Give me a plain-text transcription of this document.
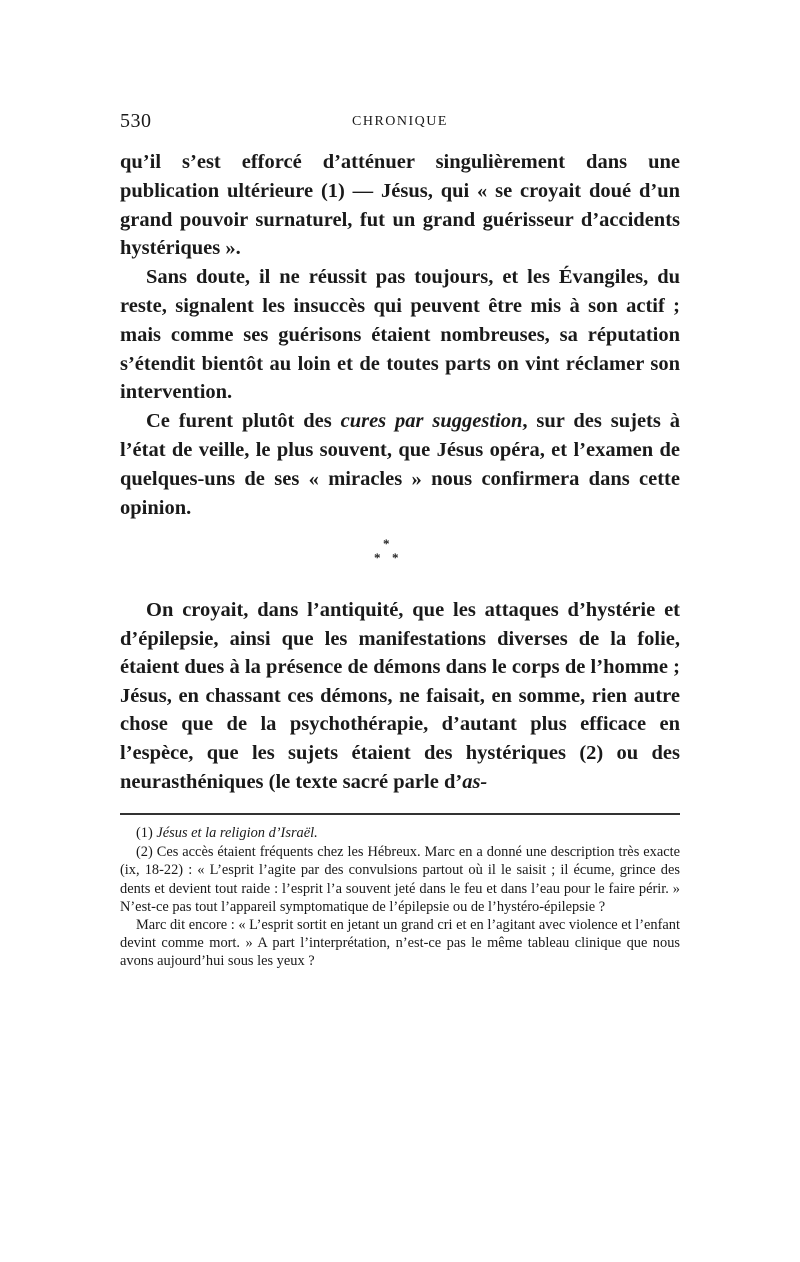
530	CHRONIQUE

qu’il s’est efforcé d’atténuer singulièrement dans une publication ultérieure (1) — Jésus, qui « se croyait doué d’un grand pouvoir surnaturel, fut un grand guérisseur d’accidents hystériques ».

Sans doute, il ne réussit pas toujours, et les Évangiles, du reste, signalent les insuccès qui peuvent être mis à son actif ; mais comme ses guérisons étaient nombreuses, sa réputation s’étendit bientôt au loin et de toutes parts on vint réclamer son intervention.

Ce furent plutôt des cures par suggestion, sur des sujets à l’état de veille, le plus souvent, que Jésus opéra, et l’examen de quelques-uns de ses « miracles » nous confirmera dans cette opinion.

*
* *

On croyait, dans l’antiquité, que les attaques d’hystérie et d’épilepsie, ainsi que les manifestations diverses de la folie, étaient dues à la présence de démons dans le corps de l’homme ; Jésus, en chassant ces démons, ne faisait, en somme, rien autre chose que de la psychothérapie, d’autant plus efficace en l’espèce, que les sujets étaient des hystériques (2) ou des neurasthéniques (le texte sacré parle d’as-

(1) Jésus et la religion d’Israël.

(2) Ces accès étaient fréquents chez les Hébreux. Marc en a donné une description très exacte (ix, 18-22) : « L’esprit l’agite par des convulsions partout où il le saisit ; il écume, grince des dents et devient tout raide : l’esprit l’a souvent jeté dans le feu et dans l’eau pour le faire périr. » N’est-ce pas tout l’appareil symptomatique de l’épilepsie ou de l’hystéro-épilepsie ?

Marc dit encore : « L’esprit sortit en jetant un grand cri et en l’agitant avec violence et l’enfant devint comme mort. » A part l’interprétation, n’est-ce pas le même tableau clinique que nous avons aujourd’hui sous les yeux ?
